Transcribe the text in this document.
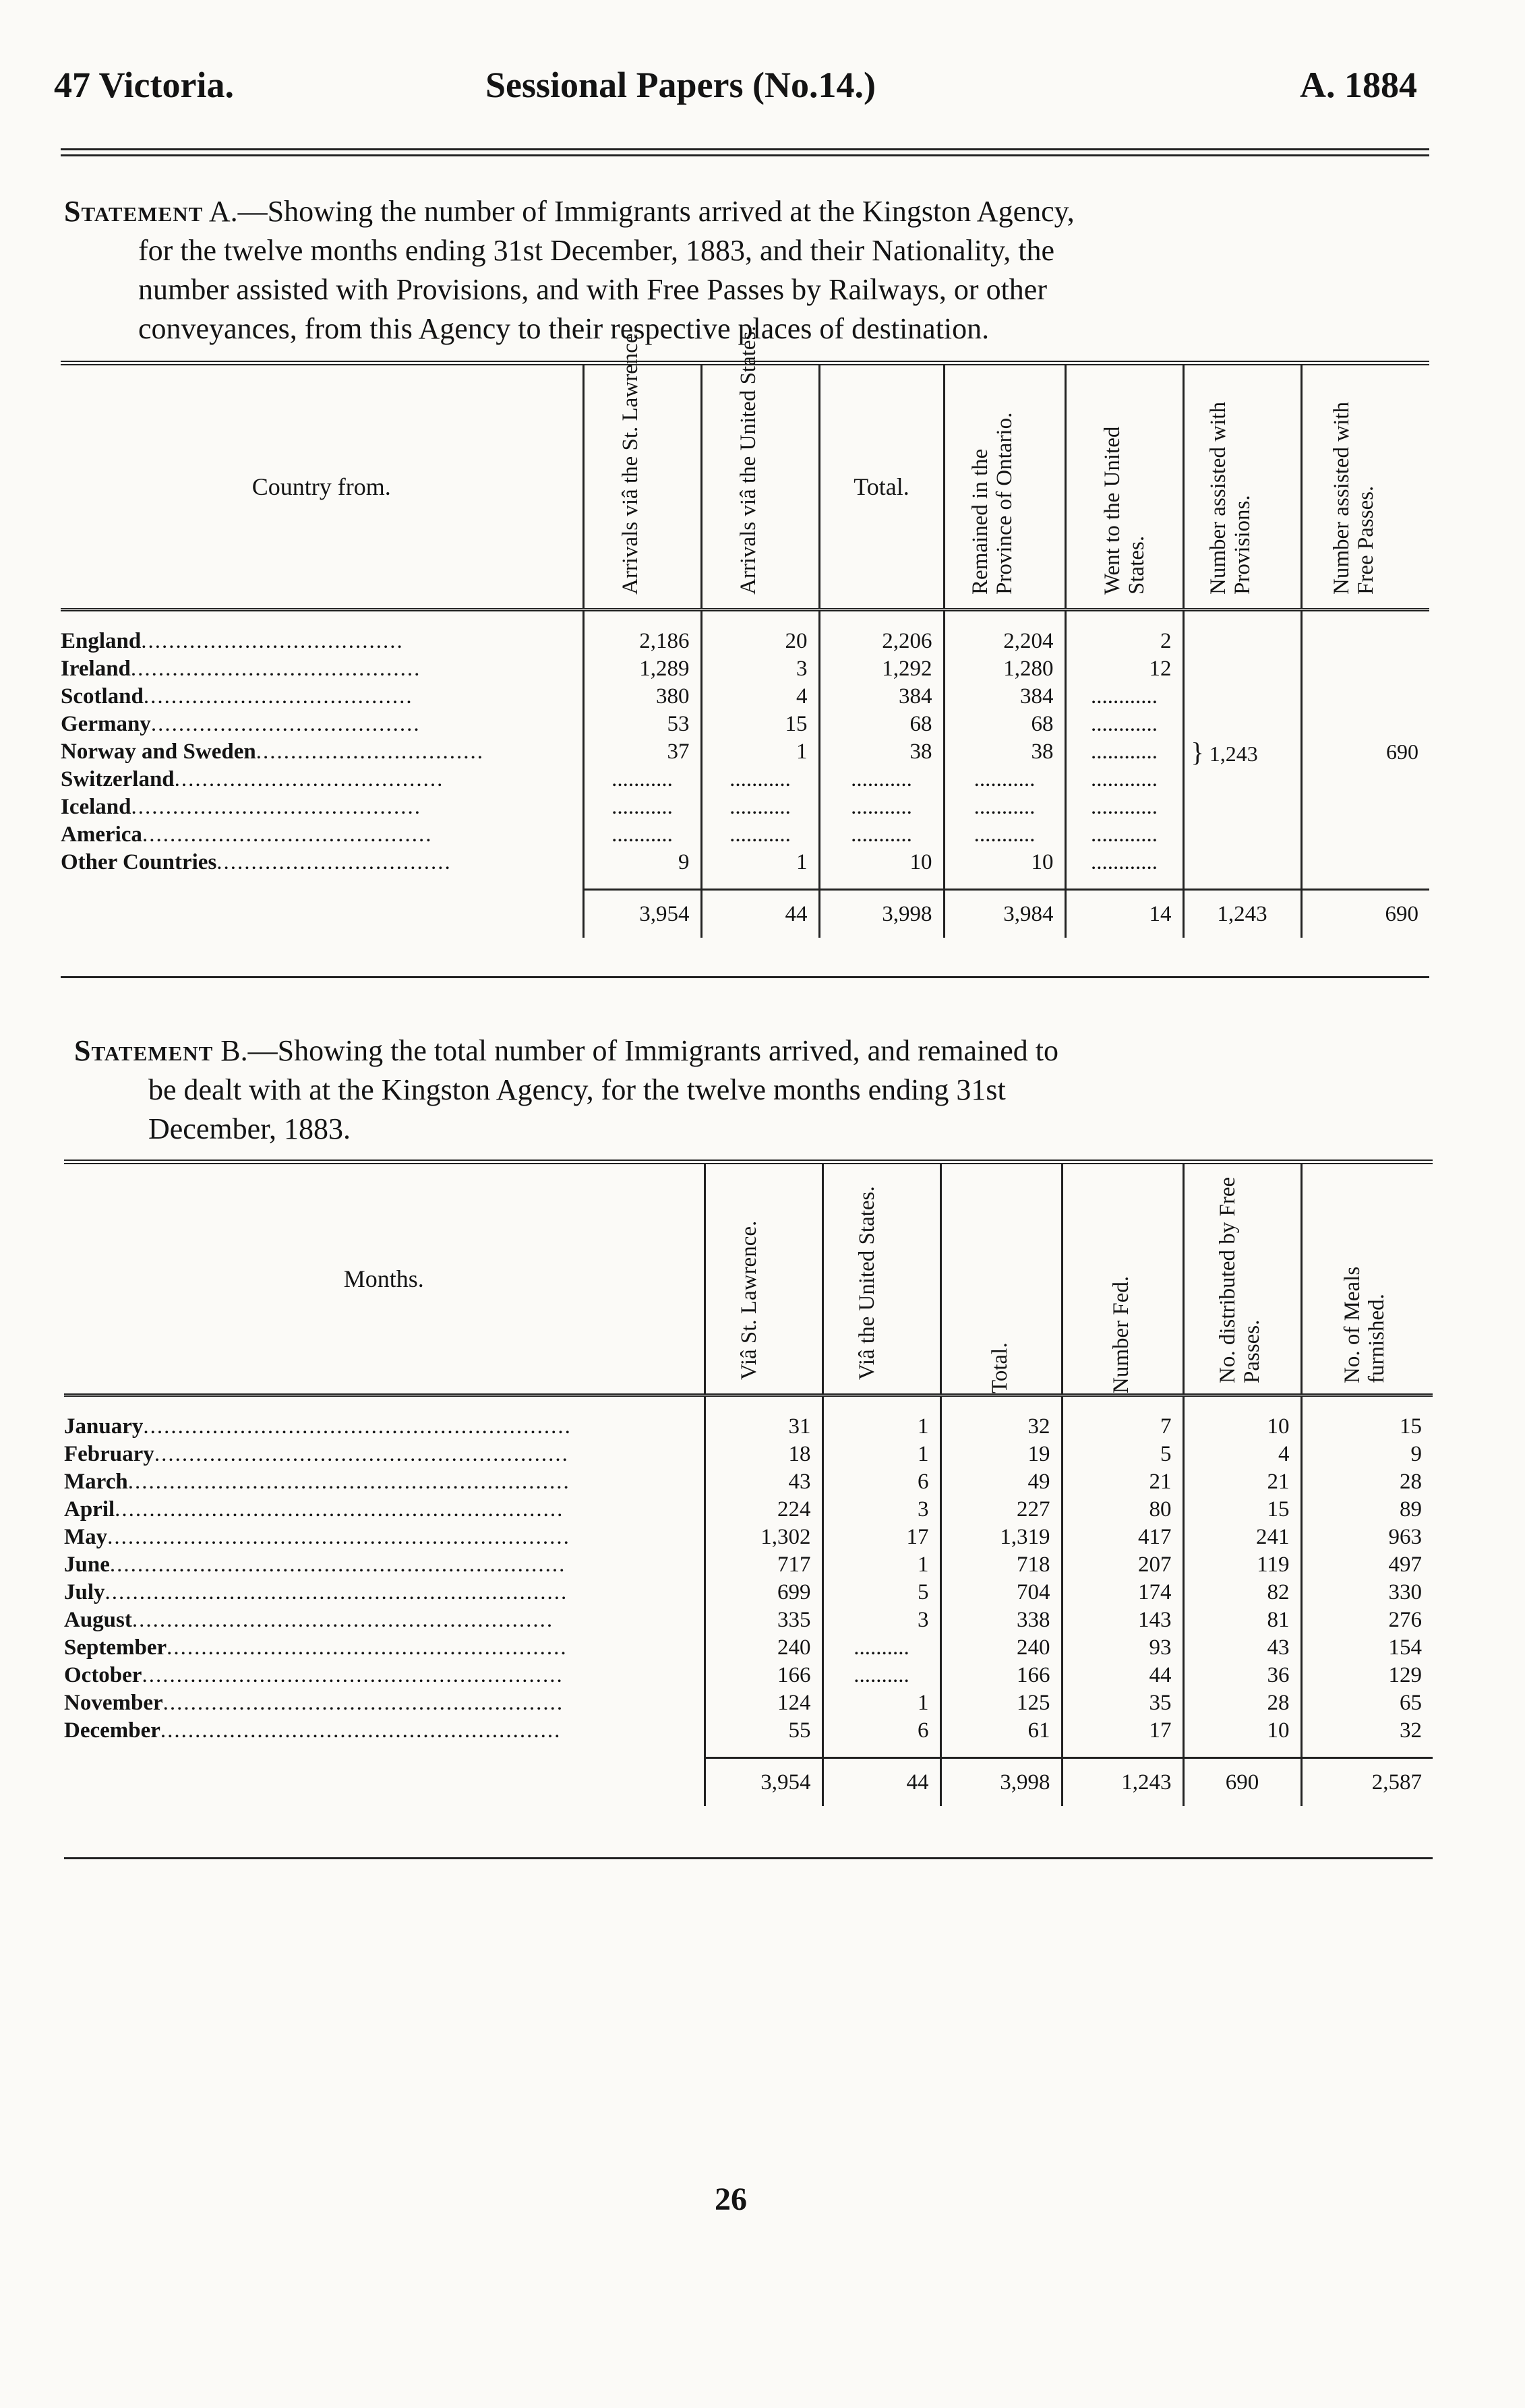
47 Victoria.	Sessional Papers (No.14.)	A. 1884
Statement A.—Showing the number of Immigrants arrived at the Kingston Agency,
for the twelve months ending 31st December, 1883, and their Nationality, the
number assisted with Provisions, and with Free Passes by Railways, or other
conveyances, from this Agency to their respective places of destination.
Country from.	Arrivals viâ the St. Lawrence.	Arrivals viâ the United States.	Total.	Remained in the Province of Ontario.	Went to the United States.	Number assisted with Provisions.	Number assisted with Free Passes.

England......................................	2,186	20	2,206	2,204	2	} 1,243	690
Ireland..........................................	1,289	3	1,292	1,280	12		
Scotland.......................................	380	4	384	384	............		
Germany.......................................	53	15	68	68	............		
Norway and Sweden.................................	37	1	38	38	............		
Switzerland.......................................	...........	...........	...........	...........	............		
Iceland..........................................	...........	...........	...........	...........	............		
America..........................................	...........	...........	...........	...........	............		
Other Countries..................................	9	1	10	10	............		

	3,954	44	3,998	3,984	14	1,243	690
Statement B.—Showing the total number of Immigrants arrived, and remained to
be dealt with at the Kingston Agency, for the twelve months ending 31st
December, 1883.
Months.	Viâ St. Lawrence.	Viâ the United States.	Total.	Number Fed.	No. distributed by Free Passes.	No. of Meals furnished.

January..............................................................	31	1	32	7	10	15
February............................................................	18	1	19	5	4	9
March................................................................	43	6	49	21	21	28
April.................................................................	224	3	227	80	15	89
May...................................................................	1,302	17	1,319	417	241	963
June..................................................................	717	1	718	207	119	497
July...................................................................	699	5	704	174	82	330
August.............................................................	335	3	338	143	81	276
September..........................................................	240	..........	240	93	43	154
October.............................................................	166	..........	166	44	36	129
November..........................................................	124	1	125	35	28	65
December..........................................................	55	6	61	17	10	32

	3,954	44	3,998	1,243	690	2,587
26
